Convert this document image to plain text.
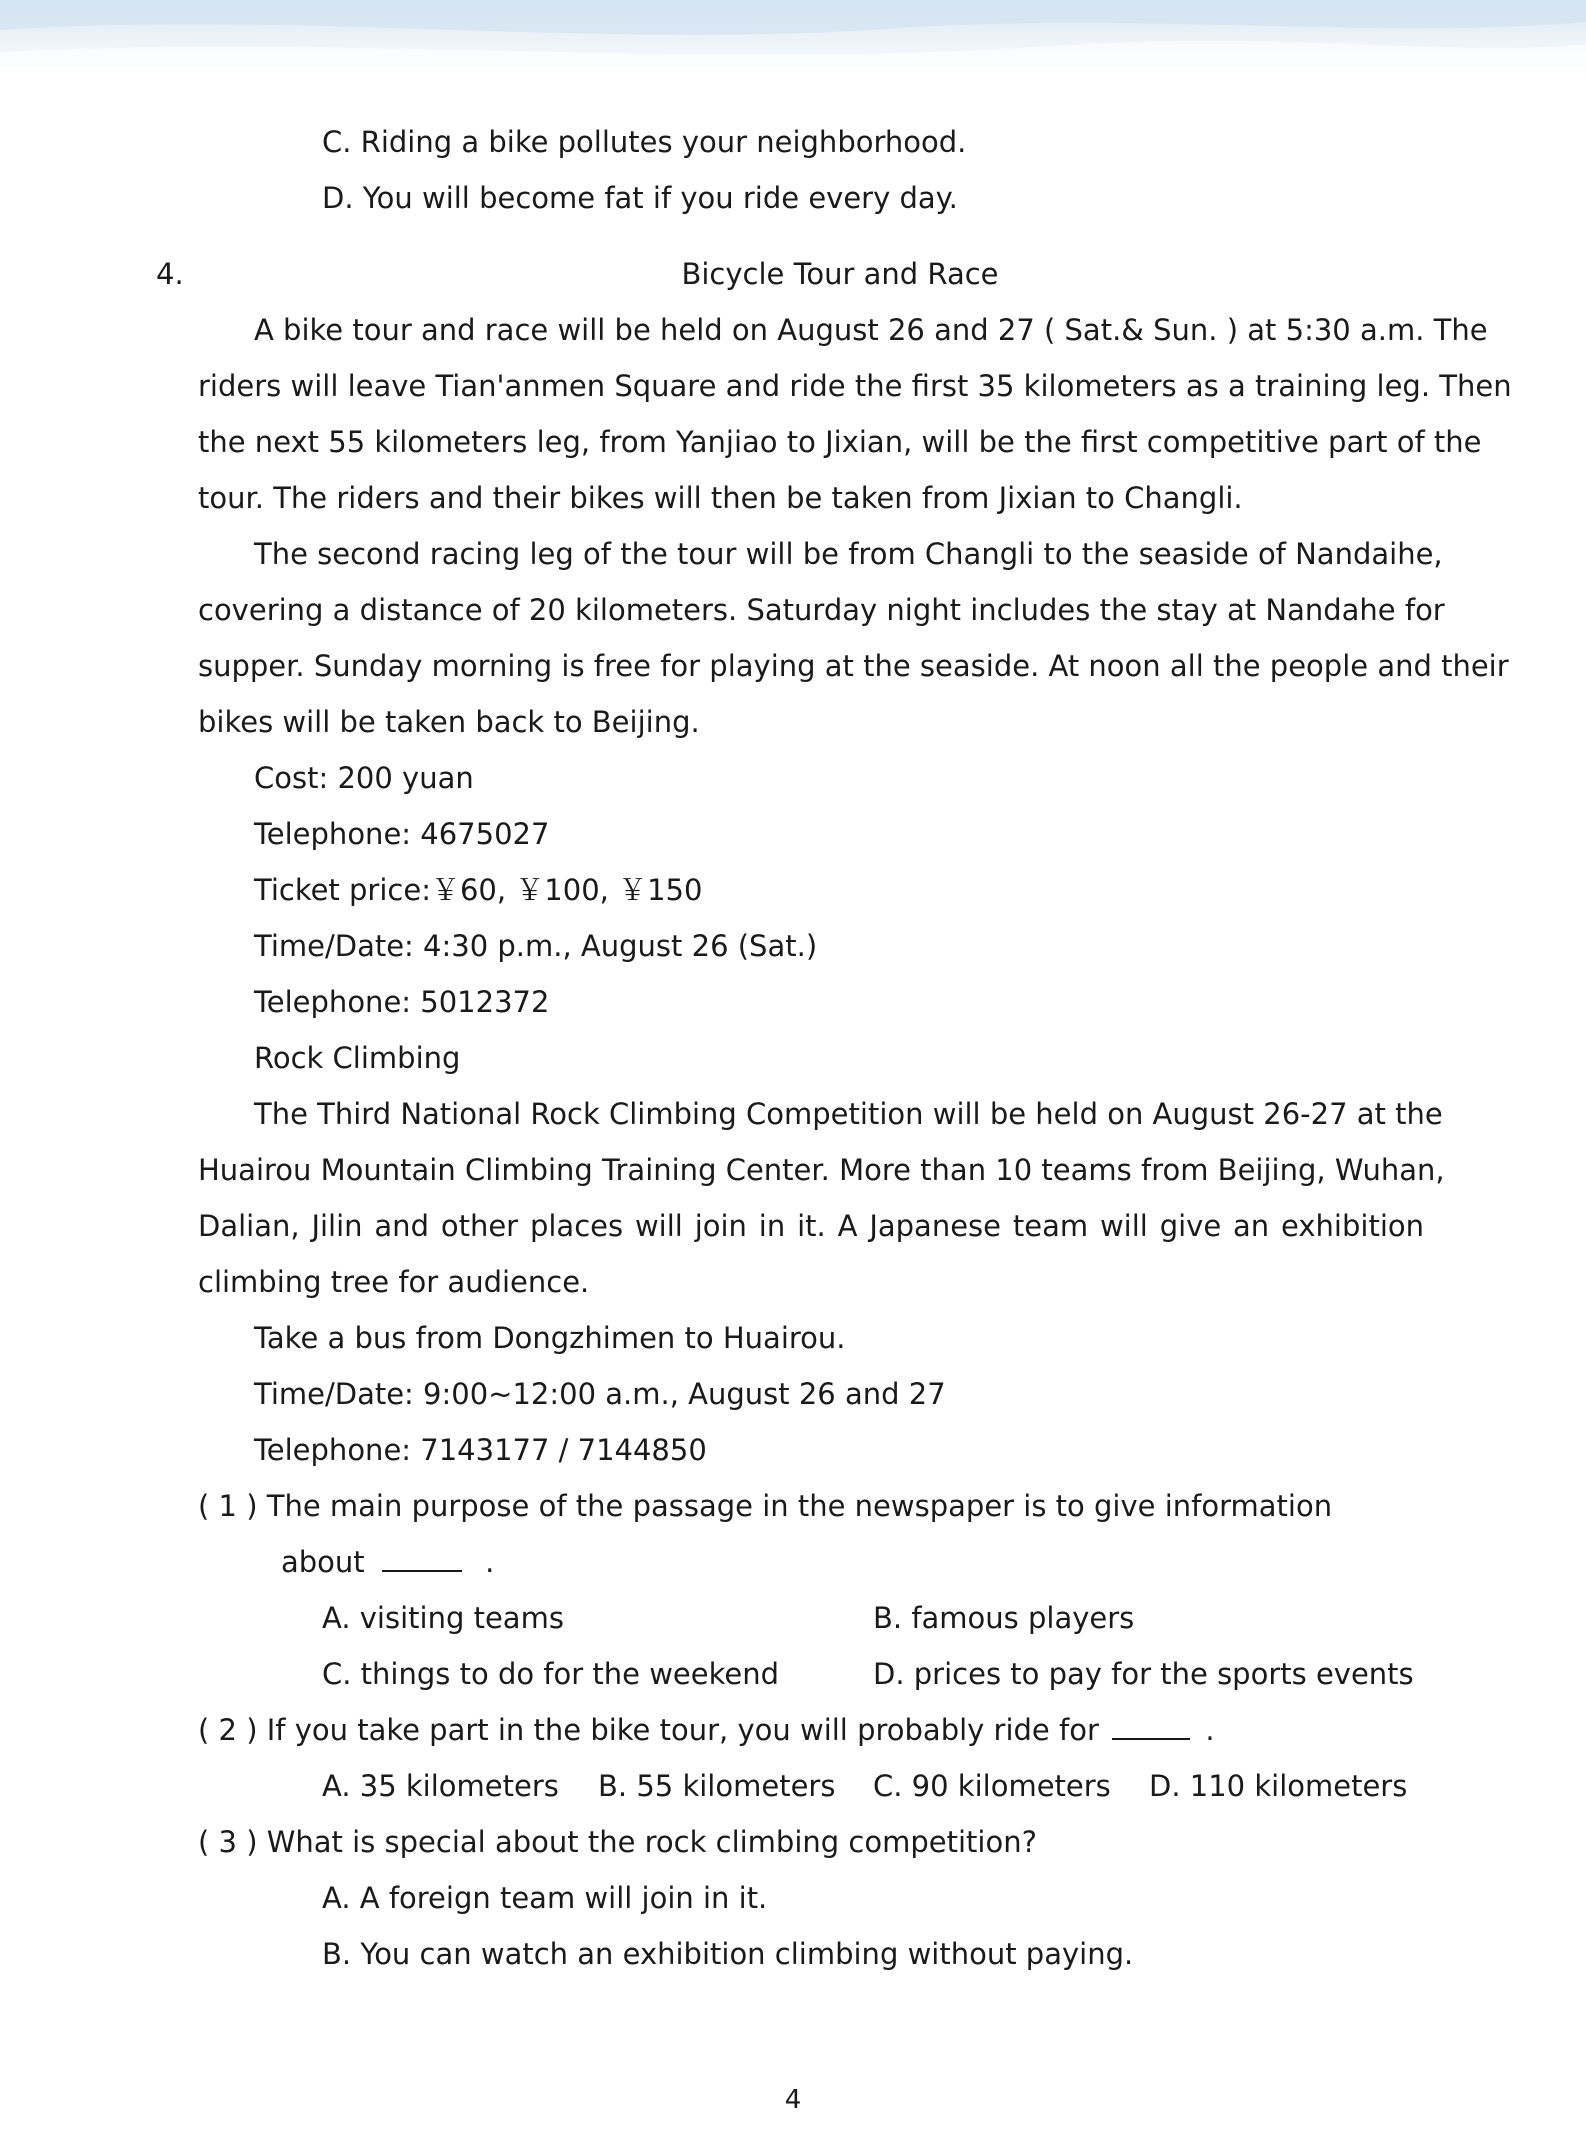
C. Riding a bike pollutes your neighborhood.
D. You will become fat if you ride every day.
4.	Bicycle Tour and Race
A bike tour and race will be held on August 26 and 27 ( Sat.& Sun. ) at 5:30 a.m. The
riders will leave Tian'anmen Square and ride the first 35 kilometers as a training leg. Then
the next 55 kilometers leg, from Yanjiao to Jixian, will be the first competitive part of the
tour. The riders and their bikes will then be taken from Jixian to Changli.
The second racing leg of the tour will be from Changli to the seaside of Nandaihe,
covering a distance of 20 kilometers. Saturday night includes the stay at Nandahe for
supper. Sunday morning is free for playing at the seaside. At noon all the people and their
bikes will be taken back to Beijing.
Cost: 200 yuan
Telephone: 4675027
Ticket price:￥60, ￥100, ￥150
Time/Date: 4:30 p.m., August 26 (Sat.)
Telephone: 5012372
Rock Climbing
The Third National Rock Climbing Competition will be held on August 26-27 at the
Huairou Mountain Climbing Training Center. More than 10 teams from Beijing, Wuhan,
Dalian, Jilin and other places will join in it. A Japanese team will give an exhibition
climbing tree for audience.
Take a bus from Dongzhimen to Huairou.
Time/Date: 9:00~12:00 a.m., August 26 and 27
Telephone: 7143177 / 7144850
( 1 ) The main purpose of the passage in the newspaper is to give information
about	.
A. visiting teams	B. famous players
C. things to do for the weekend	D. prices to pay for the sports events
( 2 ) If you take part in the bike tour, you will probably ride for	.
A. 35 kilometers B. 55 kilometers C. 90 kilometers D. 110 kilometers
( 3 ) What is special about the rock climbing competition?
A. A foreign team will join in it.
B. You can watch an exhibition climbing without paying.
4
